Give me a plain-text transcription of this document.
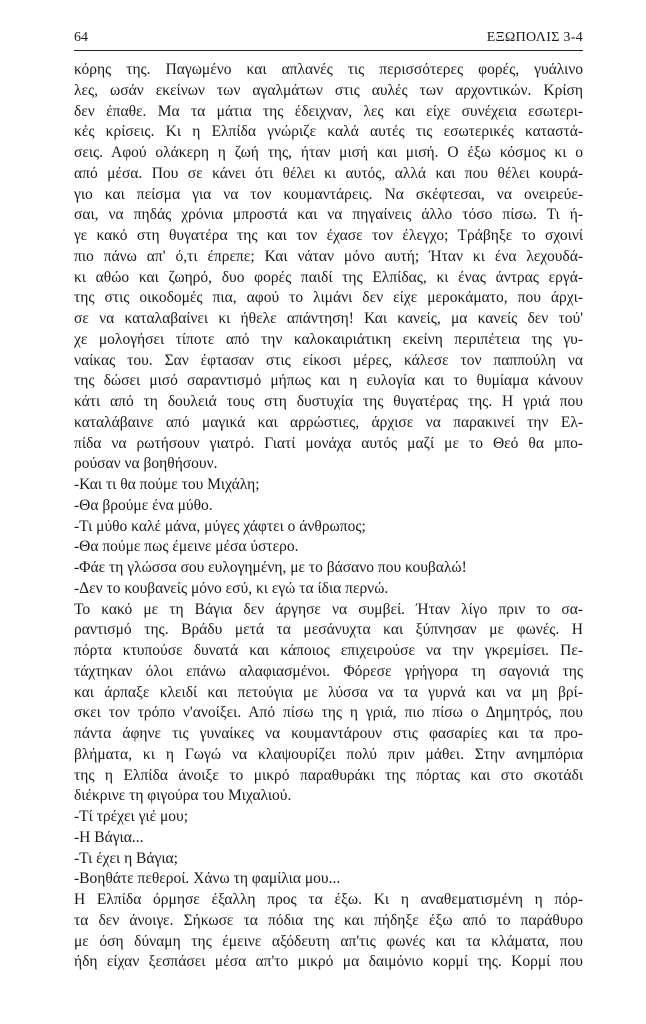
64	ΕΞΩΠΟΛΙΣ 3-4
κόρης της. Παγωμένο και απλανές τις περισσότερες φορές, γυάλινο
λες, ωσάν εκείνων των αγαλμάτων στις αυλές των αρχοντικών. Κρίση
δεν έπαθε. Μα τα μάτια της έδειχναν, λες και είχε συνέχεια εσωτερι-
κές κρίσεις. Κι η Ελπίδα γνώριζε καλά αυτές τις εσωτερικές καταστά-
σεις. Αφού ολάκερη η ζωή της, ήταν μισή και μισή. Ο έξω κόσμος κι ο
από μέσα. Που σε κάνει ότι θέλει κι αυτός, αλλά και που θέλει κουρά-
γιο και πείσμα για να τον κουμαντάρεις. Να σκέφτεσαι, να ονειρεύε-
σαι, να πηδάς χρόνια μπροστά και να πηγαίνεις άλλο τόσο πίσω. Τι ή-
γε κακό στη θυγατέρα της και τον έχασε τον έλεγχο; Τράβηξε το σχοινί
πιο πάνω απ' ό,τι έπρεπε; Και νάταν μόνο αυτή; Ήταν κι ένα λεχουδά-
κι αθώο και ζωηρό, δυο φορές παιδί της Ελπίδας, κι ένας άντρας εργά-
της στις οικοδομές πια, αφού το λιμάνι δεν είχε μεροκάματο, που άρχι-
σε να καταλαβαίνει κι ήθελε απάντηση! Και κανείς, μα κανείς δεν τού'
χε μολογήσει τίποτε από την καλοκαιριάτικη εκείνη περιπέτεια της γυ-
ναίκας του. Σαν έφτασαν στις είκοσι μέρες, κάλεσε τον παππούλη να
της δώσει μισό σαραντισμό μήπως και η ευλογία και το θυμίαμα κάνουν
κάτι από τη δουλειά τους στη δυστυχία της θυγατέρας της. Η γριά που
καταλάβαινε από μαγικά και αρρώστιες, άρχισε να παρακινεί την Ελ-
πίδα να ρωτήσουν γιατρό. Γιατί μονάχα αυτός μαζί με το Θεό θα μπο-
ρούσαν να βοηθήσουν.
-Και τι θα πούμε του Μιχάλη;
-Θα βρούμε ένα μύθο.
-Τι μύθο καλέ μάνα, μύγες χάφτει ο άνθρωπος;
-Θα πούμε πως έμεινε μέσα ύστερο.
-Φάε τη γλώσσα σου ευλογημένη, με το βάσανο που κουβαλώ!
-Δεν το κουβανείς μόνο εσύ, κι εγώ τα ίδια περνώ.
Το κακό με τη Βάγια δεν άργησε να συμβεί. Ήταν λίγο πριν το σα-
ραντισμό της. Βράδυ μετά τα μεσάνυχτα και ξύπνησαν με φωνές. Η
πόρτα κτυπούσε δυνατά και κάποιος επιχειρούσε να την γκρεμίσει. Πε-
τάχτηκαν όλοι επάνω αλαφιασμένοι. Φόρεσε γρήγορα τη σαγονιά της
και άρπαξε κλειδί και πετούγια με λύσσα να τα γυρνά και να μη βρί-
σκει τον τρόπο ν'ανοίξει. Από πίσω της η γριά, πιο πίσω ο Δημητρός, που
πάντα άφηνε τις γυναίκες να κουμαντάρουν στις φασαρίες και τα προ-
βλήματα, κι η Γωγώ να κλαψουρίζει πολύ πριν μάθει. Στην ανημπόρια
της η Ελπίδα άνοιξε το μικρό παραθυράκι της πόρτας και στο σκοτάδι
διέκρινε τη φιγούρα του Μιχαλιού.
-Τί τρέχει γιέ μου;
-Η Βάγια...
-Τι έχει η Βάγια;
-Βοηθάτε πεθεροί. Χάνω τη φαμίλια μου...
Η Ελπίδα όρμησε έξαλλη προς τα έξω. Κι η αναθεματισμένη η πόρ-
τα δεν άνοιγε. Σήκωσε τα πόδια της και πήδηξε έξω από το παράθυρο
με όση δύναμη της έμεινε αξόδευτη απ'τις φωνές και τα κλάματα, που
ήδη είχαν ξεσπάσει μέσα απ'το μικρό μα δαιμόνιο κορμί της. Κορμί που
